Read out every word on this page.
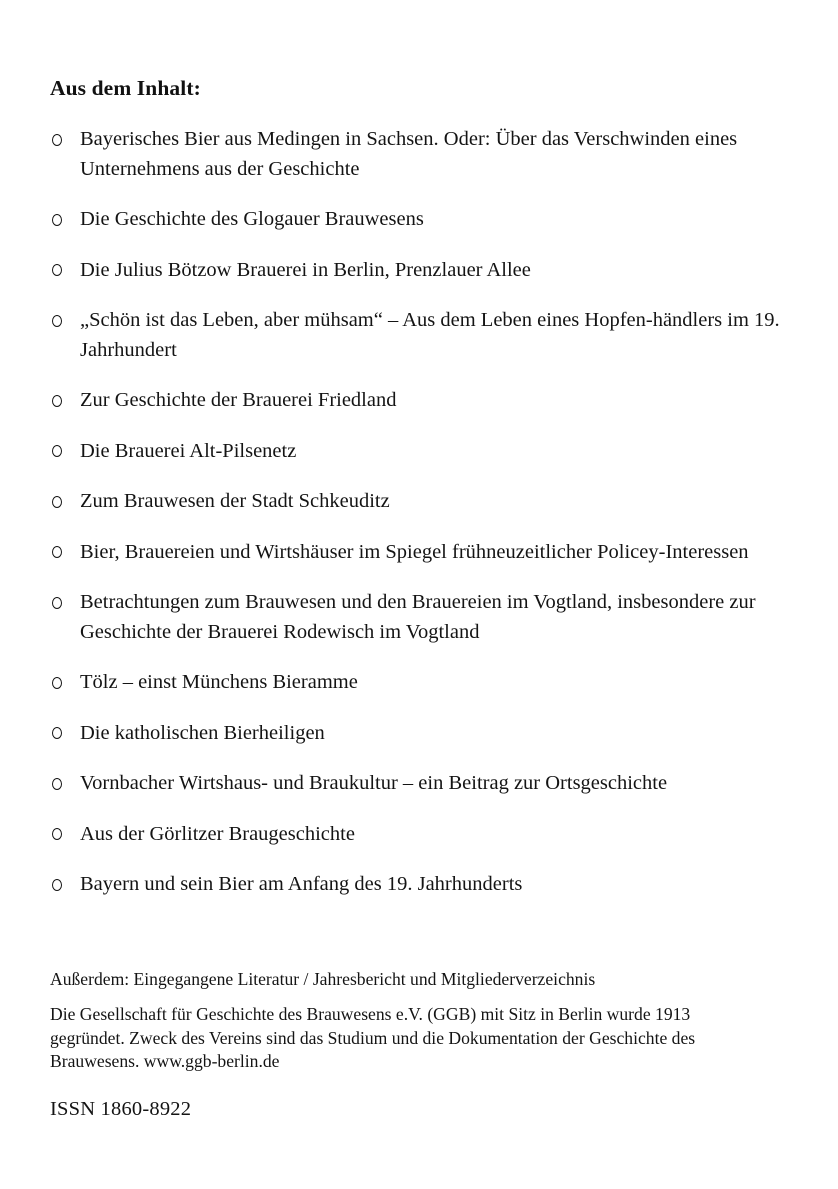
Aus dem Inhalt:
Bayerisches Bier aus Medingen in Sachsen. Oder: Über das Verschwinden eines Unternehmens aus der Geschichte
Die Geschichte des Glogauer Brauwesens
Die Julius Bötzow Brauerei in Berlin, Prenzlauer Allee
„Schön ist das Leben, aber mühsam“ – Aus dem Leben eines Hopfen-händlers im 19. Jahrhundert
Zur Geschichte der Brauerei Friedland
Die Brauerei Alt-Pilsenetz
Zum Brauwesen der Stadt Schkeuditz
Bier, Brauereien und Wirtshäuser im Spiegel frühneuzeitlicher Policey-Interessen
Betrachtungen zum Brauwesen und den Brauereien im Vogtland, insbesondere zur Geschichte der Brauerei Rodewisch im Vogtland
Tölz – einst Münchens Bieramme
Die katholischen Bierheiligen
Vornbacher Wirtshaus- und Braukultur – ein Beitrag zur Ortsgeschichte
Aus der Görlitzer Braugeschichte
Bayern und sein Bier am Anfang des 19. Jahrhunderts
Außerdem: Eingegangene Literatur / Jahresbericht und Mitgliederverzeichnis
Die Gesellschaft für Geschichte des Brauwesens e.V. (GGB) mit Sitz in Berlin wurde 1913 gegründet. Zweck des Vereins sind das Studium und die Dokumentation der Geschichte des Brauwesens. www.ggb-berlin.de
ISSN 1860-8922
